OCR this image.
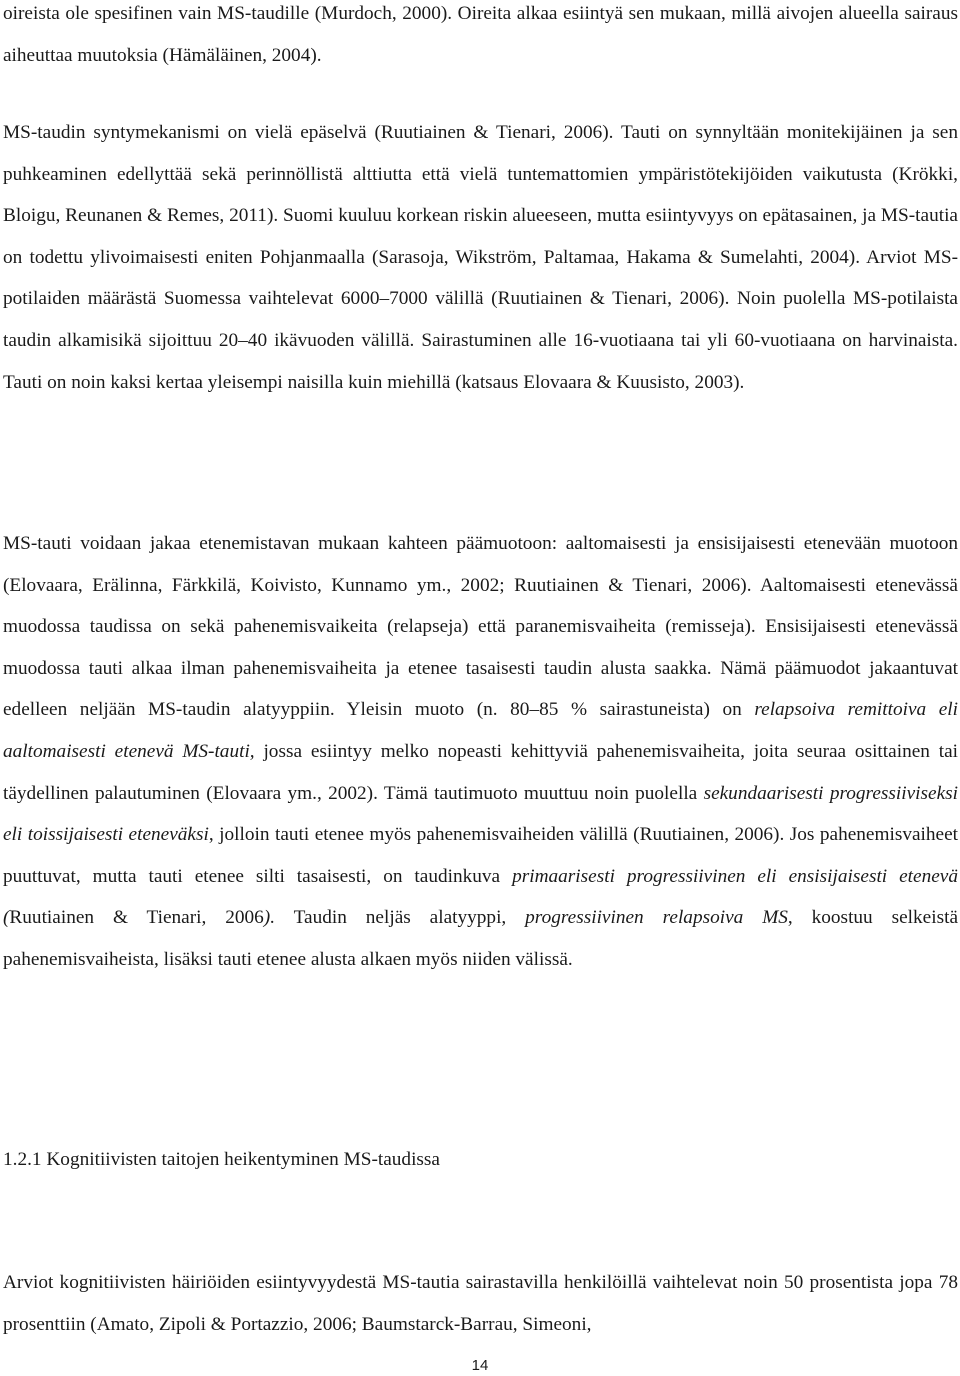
oireista ole spesifinen vain MS-taudille (Murdoch, 2000). Oireita alkaa esiintyä sen mukaan, millä aivojen alueella sairaus aiheuttaa muutoksia (Hämäläinen, 2004).

MS-taudin syntymekanismi on vielä epäselvä (Ruutiainen & Tienari, 2006). Tauti on synnyltään monitekijäinen ja sen puhkeaminen edellyttää sekä perinnöllistä alttiutta että vielä tuntemattomien ympäristötekijöiden vaikutusta (Krökki, Bloigu, Reunanen & Remes, 2011). Suomi kuuluu korkean riskin alueeseen, mutta esiintyvyys on epätasainen, ja MS-tautia on todettu ylivoimaisesti eniten Pohjanmaalla (Sarasoja, Wikström, Paltamaa, Hakama & Sumelahti, 2004). Arviot MS-potilaiden määrästä Suomessa vaihtelevat 6000–7000 välillä (Ruutiainen & Tienari, 2006). Noin puolella MS-potilaista taudin alkamisikä sijoittuu 20–40 ikävuoden välillä. Sairastuminen alle 16-vuotiaana tai yli 60-vuotiaana on harvinaista. Tauti on noin kaksi kertaa yleisempi naisilla kuin miehillä (katsaus Elovaara & Kuusisto, 2003).

MS-tauti voidaan jakaa etenemistavan mukaan kahteen päämuotoon: aaltomaisesti ja ensisijaisesti etenevään muotoon (Elovaara, Erälinna, Färkkilä, Koivisto, Kunnamo ym., 2002; Ruutiainen & Tienari, 2006). Aaltomaisesti etenevässä muodossa taudissa on sekä pahenemisvaikeita (relapseja) että paranemisvaiheita (remisseja). Ensisijaisesti etenevässä muodossa tauti alkaa ilman pahenemisvaiheita ja etenee tasaisesti taudin alusta saakka. Nämä päämuodot jakaantuvat edelleen neljään MS-taudin alatyyppiin. Yleisin muoto (n. 80–85 % sairastuneista) on relapsoiva remittoiva eli aaltomaisesti etenevä MS-tauti, jossa esiintyy melko nopeasti kehittyviä pahenemisvaiheita, joita seuraa osittainen tai täydellinen palautuminen (Elovaara ym., 2002). Tämä tautimuoto muuttuu noin puolella sekundaarisesti progressiiviseksi eli toissijaisesti eteneväksi, jolloin tauti etenee myös pahenemisvaiheiden välillä (Ruutiainen, 2006). Jos pahenemisvaiheet puuttuvat, mutta tauti etenee silti tasaisesti, on taudinkuva primaarisesti progressiivinen eli ensisijaisesti etenevä (Ruutiainen & Tienari, 2006). Taudin neljäs alatyyppi, progressiivinen relapsoiva MS, koostuu selkeistä pahenemisvaiheista, lisäksi tauti etenee alusta alkaen myös niiden välissä.

1.2.1 Kognitiivisten taitojen heikentyminen MS-taudissa

Arviot kognitiivisten häiriöiden esiintyvyydestä MS-tautia sairastavilla henkilöillä vaihtelevat noin 50 prosentista jopa 78 prosenttiin (Amato, Zipoli & Portazzio, 2006; Baumstarck-Barrau, Simeoni,

14
